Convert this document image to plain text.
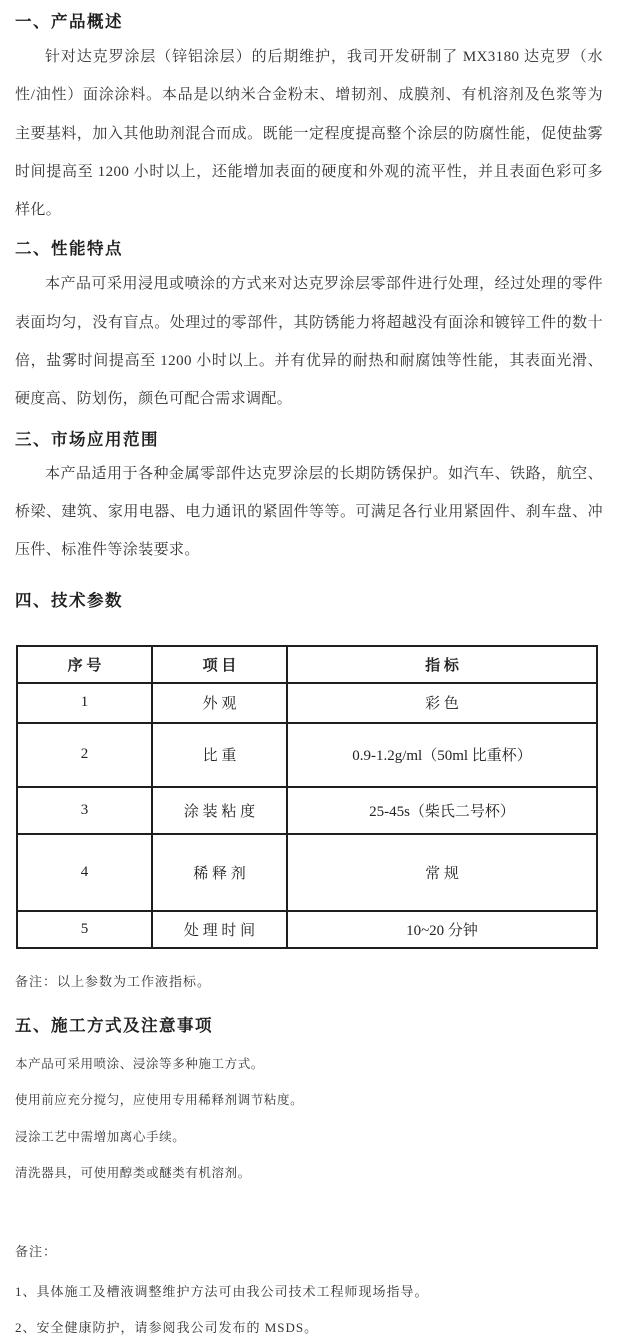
一、产品概述

针对达克罗涂层（锌铝涂层）的后期维护，我司开发研制了 MX3180 达克罗（水性/油性）面涂涂料。本品是以纳米合金粉末、增韧剂、成膜剂、有机溶剂及色浆等为主要基料，加入其他助剂混合而成。既能一定程度提高整个涂层的防腐性能，促使盐雾时间提高至 1200 小时以上，还能增加表面的硬度和外观的流平性，并且表面色彩可多样化。

二、性能特点

本产品可采用浸甩或喷涂的方式来对达克罗涂层零部件进行处理，经过处理的零件表面均匀，没有盲点。处理过的零部件，其防锈能力将超越没有面涂和镀锌工件的数十倍，盐雾时间提高至 1200 小时以上。并有优异的耐热和耐腐蚀等性能，其表面光滑、硬度高、防划伤，颜色可配合需求调配。

三、市场应用范围

本产品适用于各种金属零部件达克罗涂层的长期防锈保护。如汽车、铁路，航空、桥梁、建筑、家用电器、电力通讯的紧固件等等。可满足各行业用紧固件、刹车盘、冲压件、标准件等涂装要求。

四、技术参数
序 号	项 目	指 标
1	外 观	彩 色
2	比 重	0.9-1.2g/ml（50ml 比重杯）
3	涂 装 粘 度	25-45s（柴氏二号杯）
4	稀 释 剂	常 规
5	处 理 时 间	10~20 分钟

备注：以上参数为工作液指标。

五、施工方式及注意事项

本产品可采用喷涂、浸涂等多种施工方式。

使用前应充分搅匀，应使用专用稀释剂调节粘度。

浸涂工艺中需增加离心手续。

清洗器具，可使用醇类或醚类有机溶剂。

备注：

1、具体施工及槽液调整维护方法可由我公司技术工程师现场指导。

2、安全健康防护，请参阅我公司发布的 MSDS。
